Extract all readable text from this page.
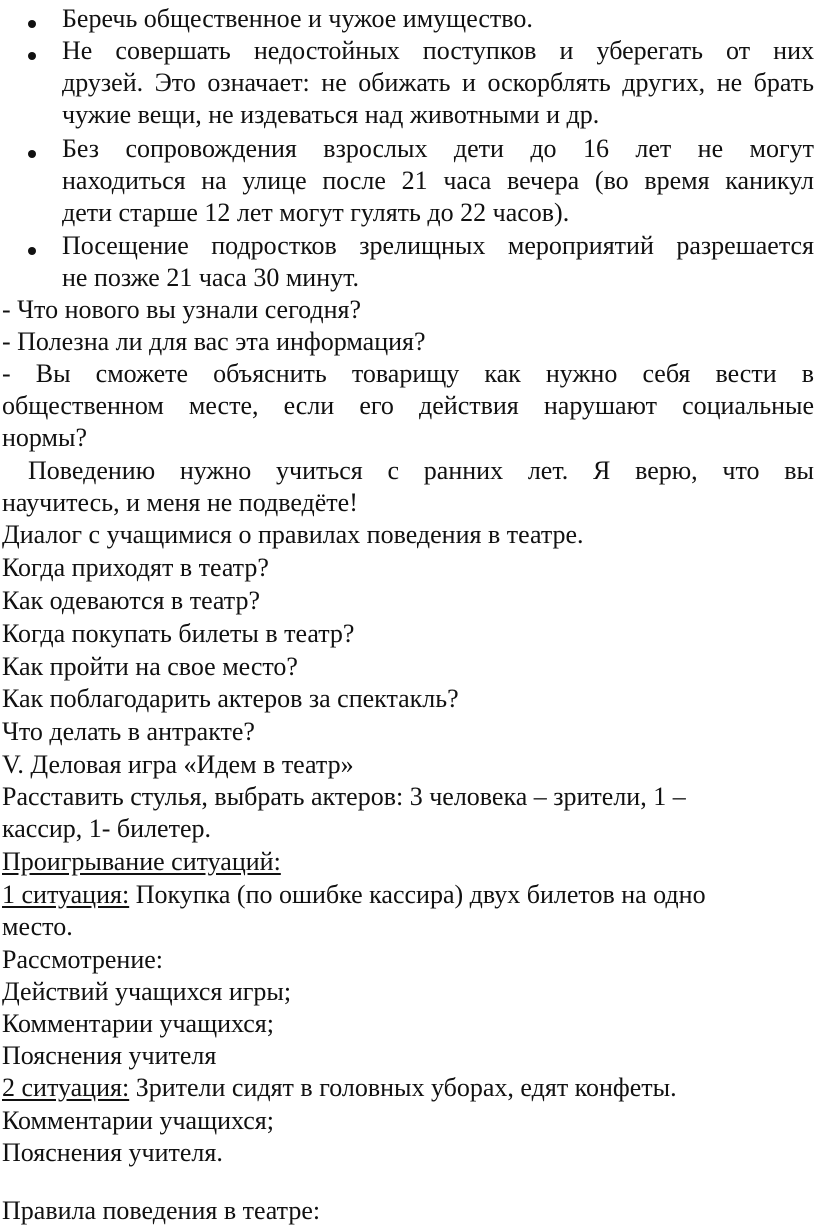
Беречь общественное и чужое имущество.

Не совершать недостойных поступков и уберегать от них

друзей. Это означает: не обижать и оскорблять других, не брать

чужие вещи, не издеваться над животными и др.

Без сопровождения взрослых дети до 16 лет не могут

находиться на улице после 21 часа вечера (во время каникул

дети старше 12 лет могут гулять до 22 часов).

Посещение подростков зрелищных мероприятий разрешается

не позже 21 часа 30 минут.

- Что нового вы узнали сегодня?

- Полезна ли для вас эта информация?

- Вы сможете объяснить товарищу как нужно себя вести в

общественном месте, если его действия нарушают социальные

нормы?

Поведению нужно учиться с ранних лет. Я верю, что вы

научитесь, и меня не подведёте!

Диалог с учащимися о правилах поведения в театре.

Когда приходят в театр?

Как одеваются в театр?

Когда покупать билеты в театр?

Как пройти на свое место?

Как поблагодарить актеров за спектакль?

Что делать в антракте?

V. Деловая игра «Идем в театр»

Расставить стулья, выбрать актеров: 3 человека – зрители, 1 –

кассир, 1- билетер.

Проигрывание ситуаций:

1 ситуация: Покупка (по ошибке кассира) двух билетов на одно

место.

Рассмотрение:

Действий учащихся игры;

Комментарии учащихся;

Пояснения учителя

2 ситуация: Зрители сидят в головных уборах, едят конфеты.

Комментарии учащихся;

Пояснения учителя.

Правила поведения в театре:
